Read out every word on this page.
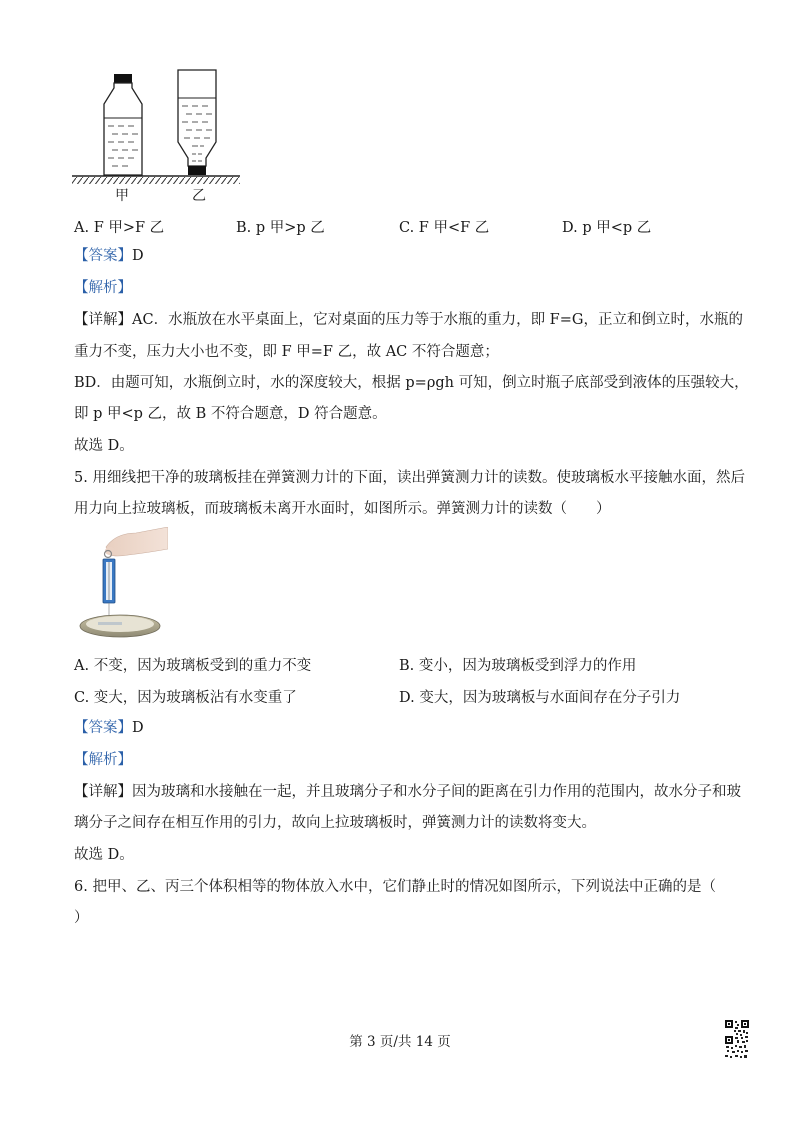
甲	乙
A. F 甲>F 乙	B. p 甲>p 乙	C. F 甲<F 乙	D. p 甲<p 乙
【答案】D
【解析】
【详解】AC．水瓶放在水平桌面上，它对桌面的压力等于水瓶的重力，即 F=G，正立和倒立时，水瓶的
重力不变，压力大小也不变，即 F 甲=F 乙，故 AC 不符合题意；
BD．由题可知，水瓶倒立时，水的深度较大，根据 p=ρgh 可知，倒立时瓶子底部受到液体的压强较大，
即 p 甲<p 乙，故 B 不符合题意，D 符合题意。
故选 D。
5. 用细线把干净的玻璃板挂在弹簧测力计的下面，读出弹簧测力计的读数。使玻璃板水平接触水面，然后
用力向上拉玻璃板，而玻璃板未离开水面时，如图所示。弹簧测力计的读数（　　）
A. 不变，因为玻璃板受到的重力不变	B. 变小，因为玻璃板受到浮力的作用
C. 变大，因为玻璃板沾有水变重了	D. 变大，因为玻璃板与水面间存在分子引力
【答案】D
【解析】
【详解】因为玻璃和水接触在一起，并且玻璃分子和水分子间的距离在引力作用的范围内，故水分子和玻
璃分子之间存在相互作用的引力，故向上拉玻璃板时，弹簧测力计的读数将变大。
故选 D。
6. 把甲、乙、丙三个体积相等的物体放入水中，它们静止时的情况如图所示，下列说法中正确的是（
）
第 3 页/共 14 页
